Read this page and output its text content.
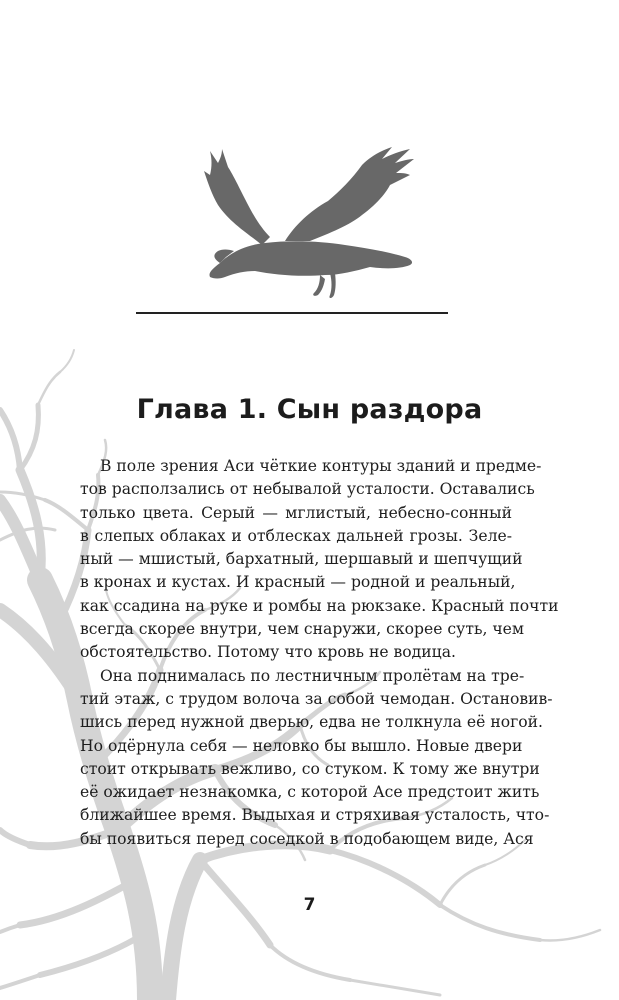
Глава 1. Сын раздора
В поле зрения Аси чёткие контуры зданий и предме-
тов расползались от небывалой усталости. Оставались
только цвета. Серый — мглистый, небесно-сонный
в слепых облаках и отблесках дальней грозы. Зеле-
ный — мшистый, бархатный, шершавый и шепчущий
в кронах и кустах. И красный — родной и реальный,
как ссадина на руке и ромбы на рюкзаке. Красный почти
всегда скорее внутри, чем снаружи, скорее суть, чем
обстоятельство. Потому что кровь не водица.
Она поднималась по лестничным пролётам на тре-
тий этаж, с трудом волоча за собой чемодан. Остановив-
шись перед нужной дверью, едва не толкнула её ногой.
Но одёрнула себя — неловко бы вышло. Новые двери
стоит открывать вежливо, со стуком. К тому же внутри
её ожидает незнакомка, с которой Асе предстоит жить
ближайшее время. Выдыхая и стряхивая усталость, что-
бы появиться перед соседкой в подобающем виде, Ася
7
